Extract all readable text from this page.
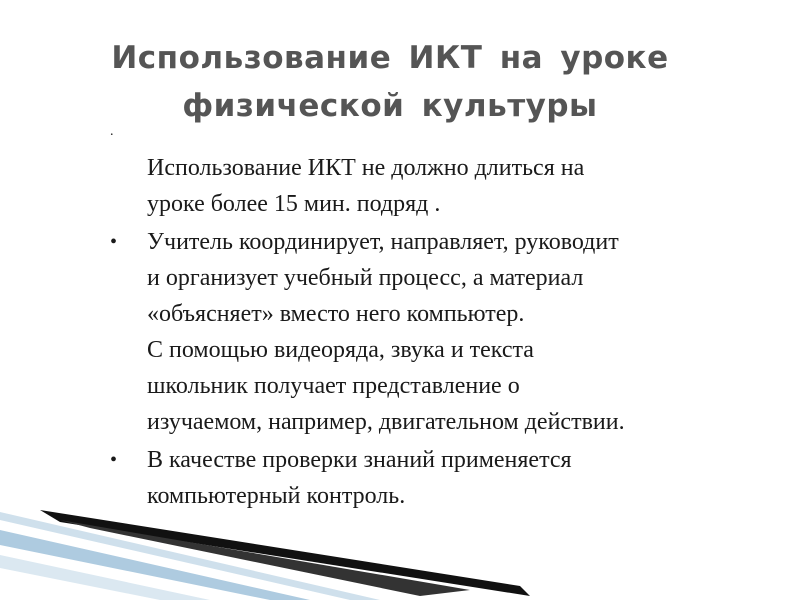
Использование ИКТ на уроке
физической культуры
.
Использование ИКТ не должно длиться на
уроке более 15 мин. подряд .
• Учитель координирует, направляет, руководит
и организует учебный процесс, а материал
«объясняет» вместо него компьютер.
С помощью видеоряда, звука и текста
школьник получает представление о
изучаемом, например, двигательном действии.
• В качестве проверки знаний применяется
компьютерный контроль.
